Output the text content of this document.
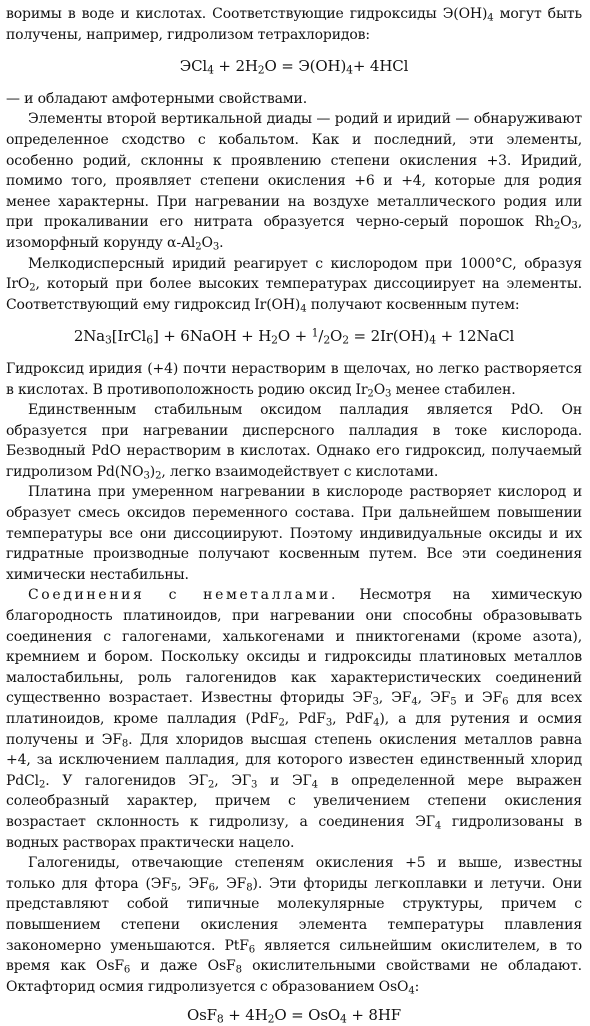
воримы в воде и кислотах. Соответствующие гидроксиды $Э(ОН)_4$ могут быть получены, например, гидролизом тетрахлоридов:

$ЭCl_4 + 2H_2O = Э(OH)_4+ 4HCl$

— и обладают амфотерными свойствами.

Элементы второй вертикальной диады — родий и иридий — обнаруживают определенное сходство с кобальтом. Как и последний, эти элементы, особенно родий, склонны к проявлению степени окисления +3. Иридий, помимо того, проявляет степени окисления +6 и +4, которые для родия менее характерны. При нагревании на воздухе металлического родия или при прокаливании его нитрата образуется черно-серый порошок $Rh_2O_3$, изоморфный корунду $\alpha-Al_2O_3$.

Мелкодисперсный иридий реагирует с кислородом при 1000°С, образуя IrO$_2$, который при более высоких температурах диссоциирует на элементы. Соответствующий ему гидроксид $Ir(OH)_4$ получают косвенным путем:

$2Na_3[IrCl_6]$ + 6NaOH + $H_2O + ^1/_2O_2 = 2Ir(OH)_4$ + 12NaCl

Гидроксид иридия (+4) почти нерастворим в щелочах, но легко растворяется в кислотах. В противоположность родию оксид $Ir_2O_3$ менее стабилен.

Единственным стабильным оксидом палладия является PdO. Он образуется при нагревании дисперсного палладия в токе кислорода. Безводный PdO нерастворим в кислотах. Однако его гидроксид, получаемый гидролизом $Pd(NO_3)_2$, легко взаимодействует с кислотами.

Платина при умеренном нагревании в кислороде растворяет кислород и образует смесь оксидов переменного состава. При дальнейшем повышении температуры все они диссоциируют. Поэтому индивидуальные оксиды и их гидратные производные получают косвенным путем. Все эти соединения химически нестабильны.

Соединения с неметаллами. Несмотря на химическую благородность платиноидов, при нагревании они способны образовывать соединения с галогенами, халькогенами и пниктогенами (кроме азота), кремнием и бором. Поскольку оксиды и гидроксиды платиновых металлов малостабильны, роль галогенидов как характеристических соединений существенно возрастает. Известны фториды $ЭF_3$, $ЭF_4$, $ЭF_5$ и $ЭF_6$ для всех платиноидов, кроме палладия (PdF$_2$, PdF$_3$, PdF$_4$), а для рутения и осмия получены и $ЭF_8$. Для хлоридов высшая степень окисления металлов равна +4, за исключением палладия, для которого известен единственный хлорид PdCl$_2$. У галогенидов $ЭГ_2$, $ЭГ_3$ и $ЭГ_4$ в определенной мере выражен солеобразный характер, причем с увеличением степени окисления возрастает склонность к гидролизу, а соединения $ЭГ_4$ гидролизованы в водных растворах практически нацело.

Галогениды, отвечающие степеням окисления +5 и выше, известны только для фтора ($ЭF_5$, $ЭF_6$, $ЭF_8$). Эти фториды легкоплавки и летучи. Они представляют собой типичные молекулярные структуры, причем с повышением степени окисления элемента температуры плавления закономерно уменьшаются. PtF$_6$ является сильнейшим окислителем, в то время как OsF$_6$ и даже OsF$_8$ окислительными свойствами не обладают. Октафторид осмия гидролизуется с образованием OsO$_4$:

$OsF_8 + 4H_2O = OsO_4 + 8HF$
